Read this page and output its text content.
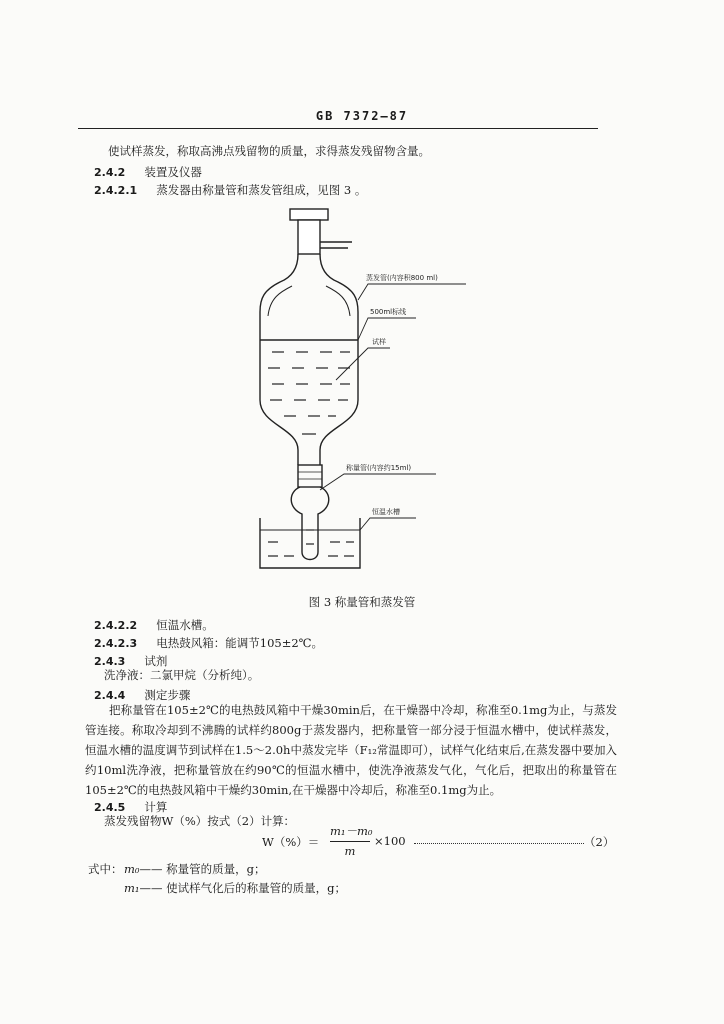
GB 7372—87
使试样蒸发，称取高沸点残留物的质量，求得蒸发残留物含量。
2.4.2 装置及仪器
2.4.2.1 蒸发器由称量管和蒸发管组成，见图 3 。
蒸发管(内容积800 ml)
500ml标线
试样
称量管(内容约15ml)
恒温水槽
图 3 称量管和蒸发管
2.4.2.2 恒温水槽。
2.4.2.3 电热鼓风箱：能调节105±2℃。
2.4.3 试剂
洗净液：二氯甲烷（分析纯）。
2.4.4 测定步骤
把称量管在105±2℃的电热鼓风箱中干燥30min后，在干燥器中冷却，称准至0.1mg为止，与蒸发管连接。称取冷却到不沸腾的试样约800g于蒸发器内，把称量管一部分浸于恒温水槽中，使试样蒸发，恒温水槽的温度调节到试样在1.5～2.0h中蒸发完毕（F₁₂常温即可），试样气化结束后,在蒸发器中要加入约10ml洗净液，把称量管放在约90℃的恒温水槽中，使洗净液蒸发气化，气化后，把取出的称量管在105±2℃的电热鼓风箱中干燥约30min,在干燥器中冷却后，称准至0.1mg为止。
2.4.5 计算
蒸发残留物W（%）按式（2）计算：
W（%）＝
m₁－m₀
m
×100	（2）
式中： m₀—— 称量管的质量，g；
m₁—— 使试样气化后的称量管的质量，g；
